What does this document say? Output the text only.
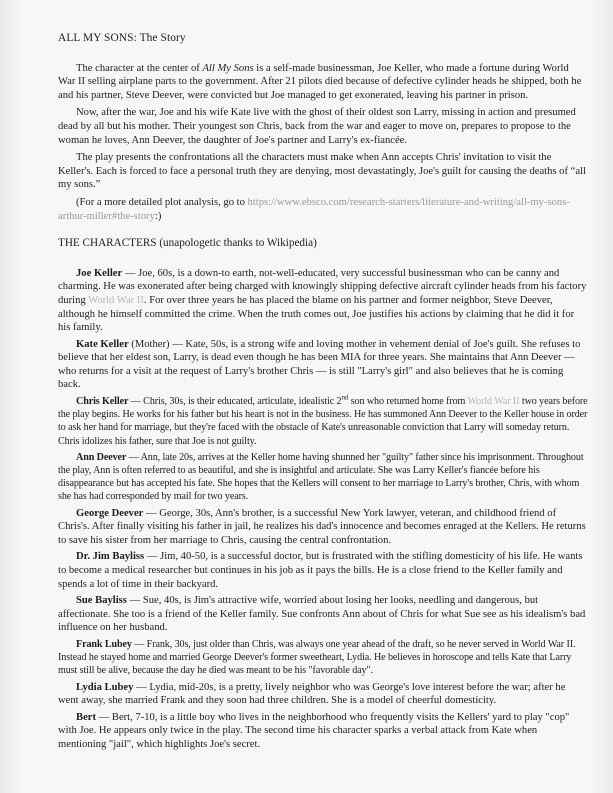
ALL MY SONS: The Story

The character at the center of All My Sons is a self-made businessman, Joe Keller, who made a fortune during World War II selling airplane parts to the government. After 21 pilots died because of defective cylinder heads he shipped, both he and his partner, Steve Deever, were convicted but Joe managed to get exonerated, leaving his partner in prison.

Now, after the war, Joe and his wife Kate live with the ghost of their oldest son Larry, missing in action and presumed dead by all but his mother. Their youngest son Chris, back from the war and eager to move on, prepares to propose to the woman he loves, Ann Deever, the daughter of Joe's partner and Larry's ex-fiancée.

The play presents the confrontations all the characters must make when Ann accepts Chris' invitation to visit the Keller's. Each is forced to face a personal truth they are denying, most devastatingly, Joe's guilt for causing the deaths of “all my sons.”

(For a more detailed plot analysis, go to https://www.ebsco.com/research-starters/literature-and-writing/all-my-sons-arthur-miller#the-story:)

THE CHARACTERS (unapologetic thanks to Wikipedia)

Joe Keller — Joe, 60s, is a down-to earth, not-well-educated, very successful businessman who can be canny and charming. He was exonerated after being charged with knowingly shipping defective aircraft cylinder heads from his factory during World War II. For over three years he has placed the blame on his partner and former neighbor, Steve Deever, although he himself committed the crime. When the truth comes out, Joe justifies his actions by claiming that he did it for his family.

Kate Keller (Mother) — Kate, 50s, is a strong wife and loving mother in vehement denial of Joe's guilt. She refuses to believe that her eldest son, Larry, is dead even though he has been MIA for three years. She maintains that Ann Deever — who returns for a visit at the request of Larry's brother Chris — is still "Larry's girl" and also believes that he is coming back.

Chris Keller — Chris, 30s, is their educated, articulate, idealistic 2nd son who returned home from World War II two years before the play begins. He works for his father but his heart is not in the business. He has summoned Ann Deever to the Keller house in order to ask her hand for marriage, but they're faced with the obstacle of Kate's unreasonable conviction that Larry will someday return. Chris idolizes his father, sure that Joe is not guilty.

Ann Deever — Ann, late 20s, arrives at the Keller home having shunned her "guilty" father since his imprisonment. Throughout the play, Ann is often referred to as beautiful, and she is insightful and articulate. She was Larry Keller's fiancée before his disappearance but has accepted his fate. She hopes that the Kellers will consent to her marriage to Larry's brother, Chris, with whom she has had corresponded by mail for two years.

George Deever — George, 30s, Ann's brother, is a successful New York lawyer, veteran, and childhood friend of Chris's. After finally visiting his father in jail, he realizes his dad's innocence and becomes enraged at the Kellers. He returns to save his sister from her marriage to Chris, causing the central confrontation.

Dr. Jim Bayliss — Jim, 40-50, is a successful doctor, but is frustrated with the stifling domesticity of his life. He wants to become a medical researcher but continues in his job as it pays the bills. He is a close friend to the Keller family and spends a lot of time in their backyard.

Sue Bayliss — Sue, 40s, is Jim's attractive wife, worried about losing her looks, needling and dangerous, but affectionate. She too is a friend of the Keller family. Sue confronts Ann about of Chris for what Sue see as his idealism's bad influence on her husband.

Frank Lubey — Frank, 30s, just older than Chris, was always one year ahead of the draft, so he never served in World War II. Instead he stayed home and married George Deever's former sweetheart, Lydia. He believes in horoscope and tells Kate that Larry must still be alive, because the day he died was meant to be his "favorable day".

Lydia Lubey — Lydia, mid-20s, is a pretty, lively neighbor who was George's love interest before the war; after he went away, she married Frank and they soon had three children. She is a model of cheerful domesticity.

Bert — Bert, 7-10, is a little boy who lives in the neighborhood who frequently visits the Kellers' yard to play "cop" with Joe. He appears only twice in the play. The second time his character sparks a verbal attack from Kate when mentioning "jail", which highlights Joe's secret.
